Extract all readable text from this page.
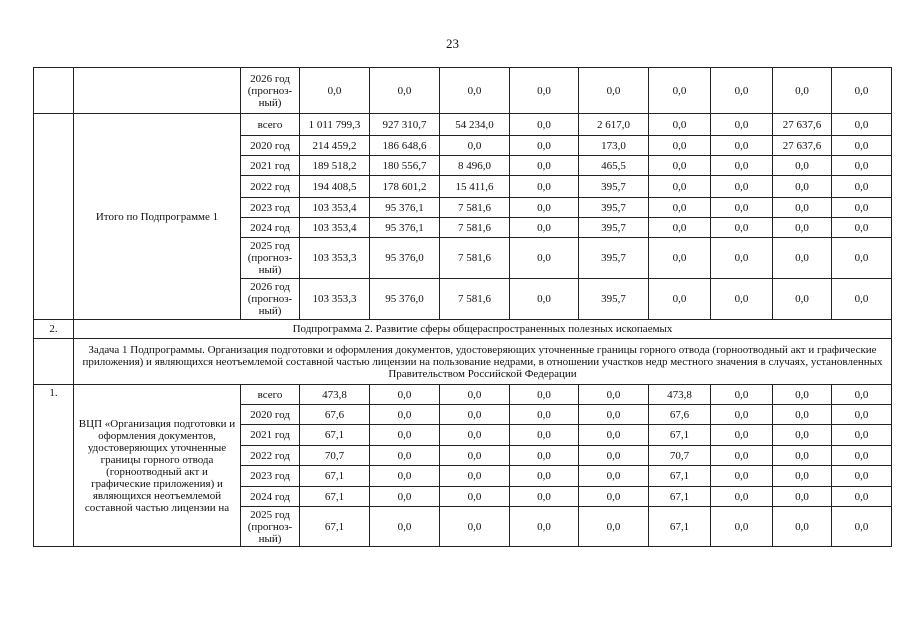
23
		2026 год
(прогноз-
ный)	0,0	0,0	0,0	0,0	0,0	0,0	0,0	0,0	0,0
	Итого по Подпрограмме 1	всего	1 011 799,3	927 310,7	54 234,0	0,0	2 617,0	0,0	0,0	27 637,6	0,0
		2020 год	214 459,2	186 648,6	0,0	0,0	173,0	0,0	0,0	27 637,6	0,0
		2021 год	189 518,2	180 556,7	8 496,0	0,0	465,5	0,0	0,0	0,0	0,0
		2022 год	194 408,5	178 601,2	15 411,6	0,0	395,7	0,0	0,0	0,0	0,0
		2023 год	103 353,4	95 376,1	7 581,6	0,0	395,7	0,0	0,0	0,0	0,0
		2024 год	103 353,4	95 376,1	7 581,6	0,0	395,7	0,0	0,0	0,0	0,0
		2025 год
(прогноз-
ный)	103 353,3	95 376,0	7 581,6	0,0	395,7	0,0	0,0	0,0	0,0
		2026 год
(прогноз-
ный)	103 353,3	95 376,0	7 581,6	0,0	395,7	0,0	0,0	0,0	0,0
2.	Подпрограмма 2. Развитие сферы общераспространенных полезных ископаемых										
	Задача 1 Подпрограммы. Организация подготовки и оформления документов, удостоверяющих уточненные границы горного отвода (горноотводный акт и графические приложения) и являющихся неотъемлемой составной частью лицензии на пользование недрами, в отношении участков недр местного значения в случаях, установленных Правительством Российской Федерации										
1.	ВЦП «Организация подготовки и оформления документов, удостоверяющих уточненные границы горного отвода (горноотводный акт и графические приложения) и являющихся неотъемлемой составной частью лицензии на	всего	473,8	0,0	0,0	0,0	0,0	473,8	0,0	0,0	0,0
		2020 год	67,6	0,0	0,0	0,0	0,0	67,6	0,0	0,0	0,0
		2021 год	67,1	0,0	0,0	0,0	0,0	67,1	0,0	0,0	0,0
		2022 год	70,7	0,0	0,0	0,0	0,0	70,7	0,0	0,0	0,0
		2023 год	67,1	0,0	0,0	0,0	0,0	67,1	0,0	0,0	0,0
		2024 год	67,1	0,0	0,0	0,0	0,0	67,1	0,0	0,0	0,0
		2025 год
(прогноз-
ный)	67,1	0,0	0,0	0,0	0,0	67,1	0,0	0,0	0,0
